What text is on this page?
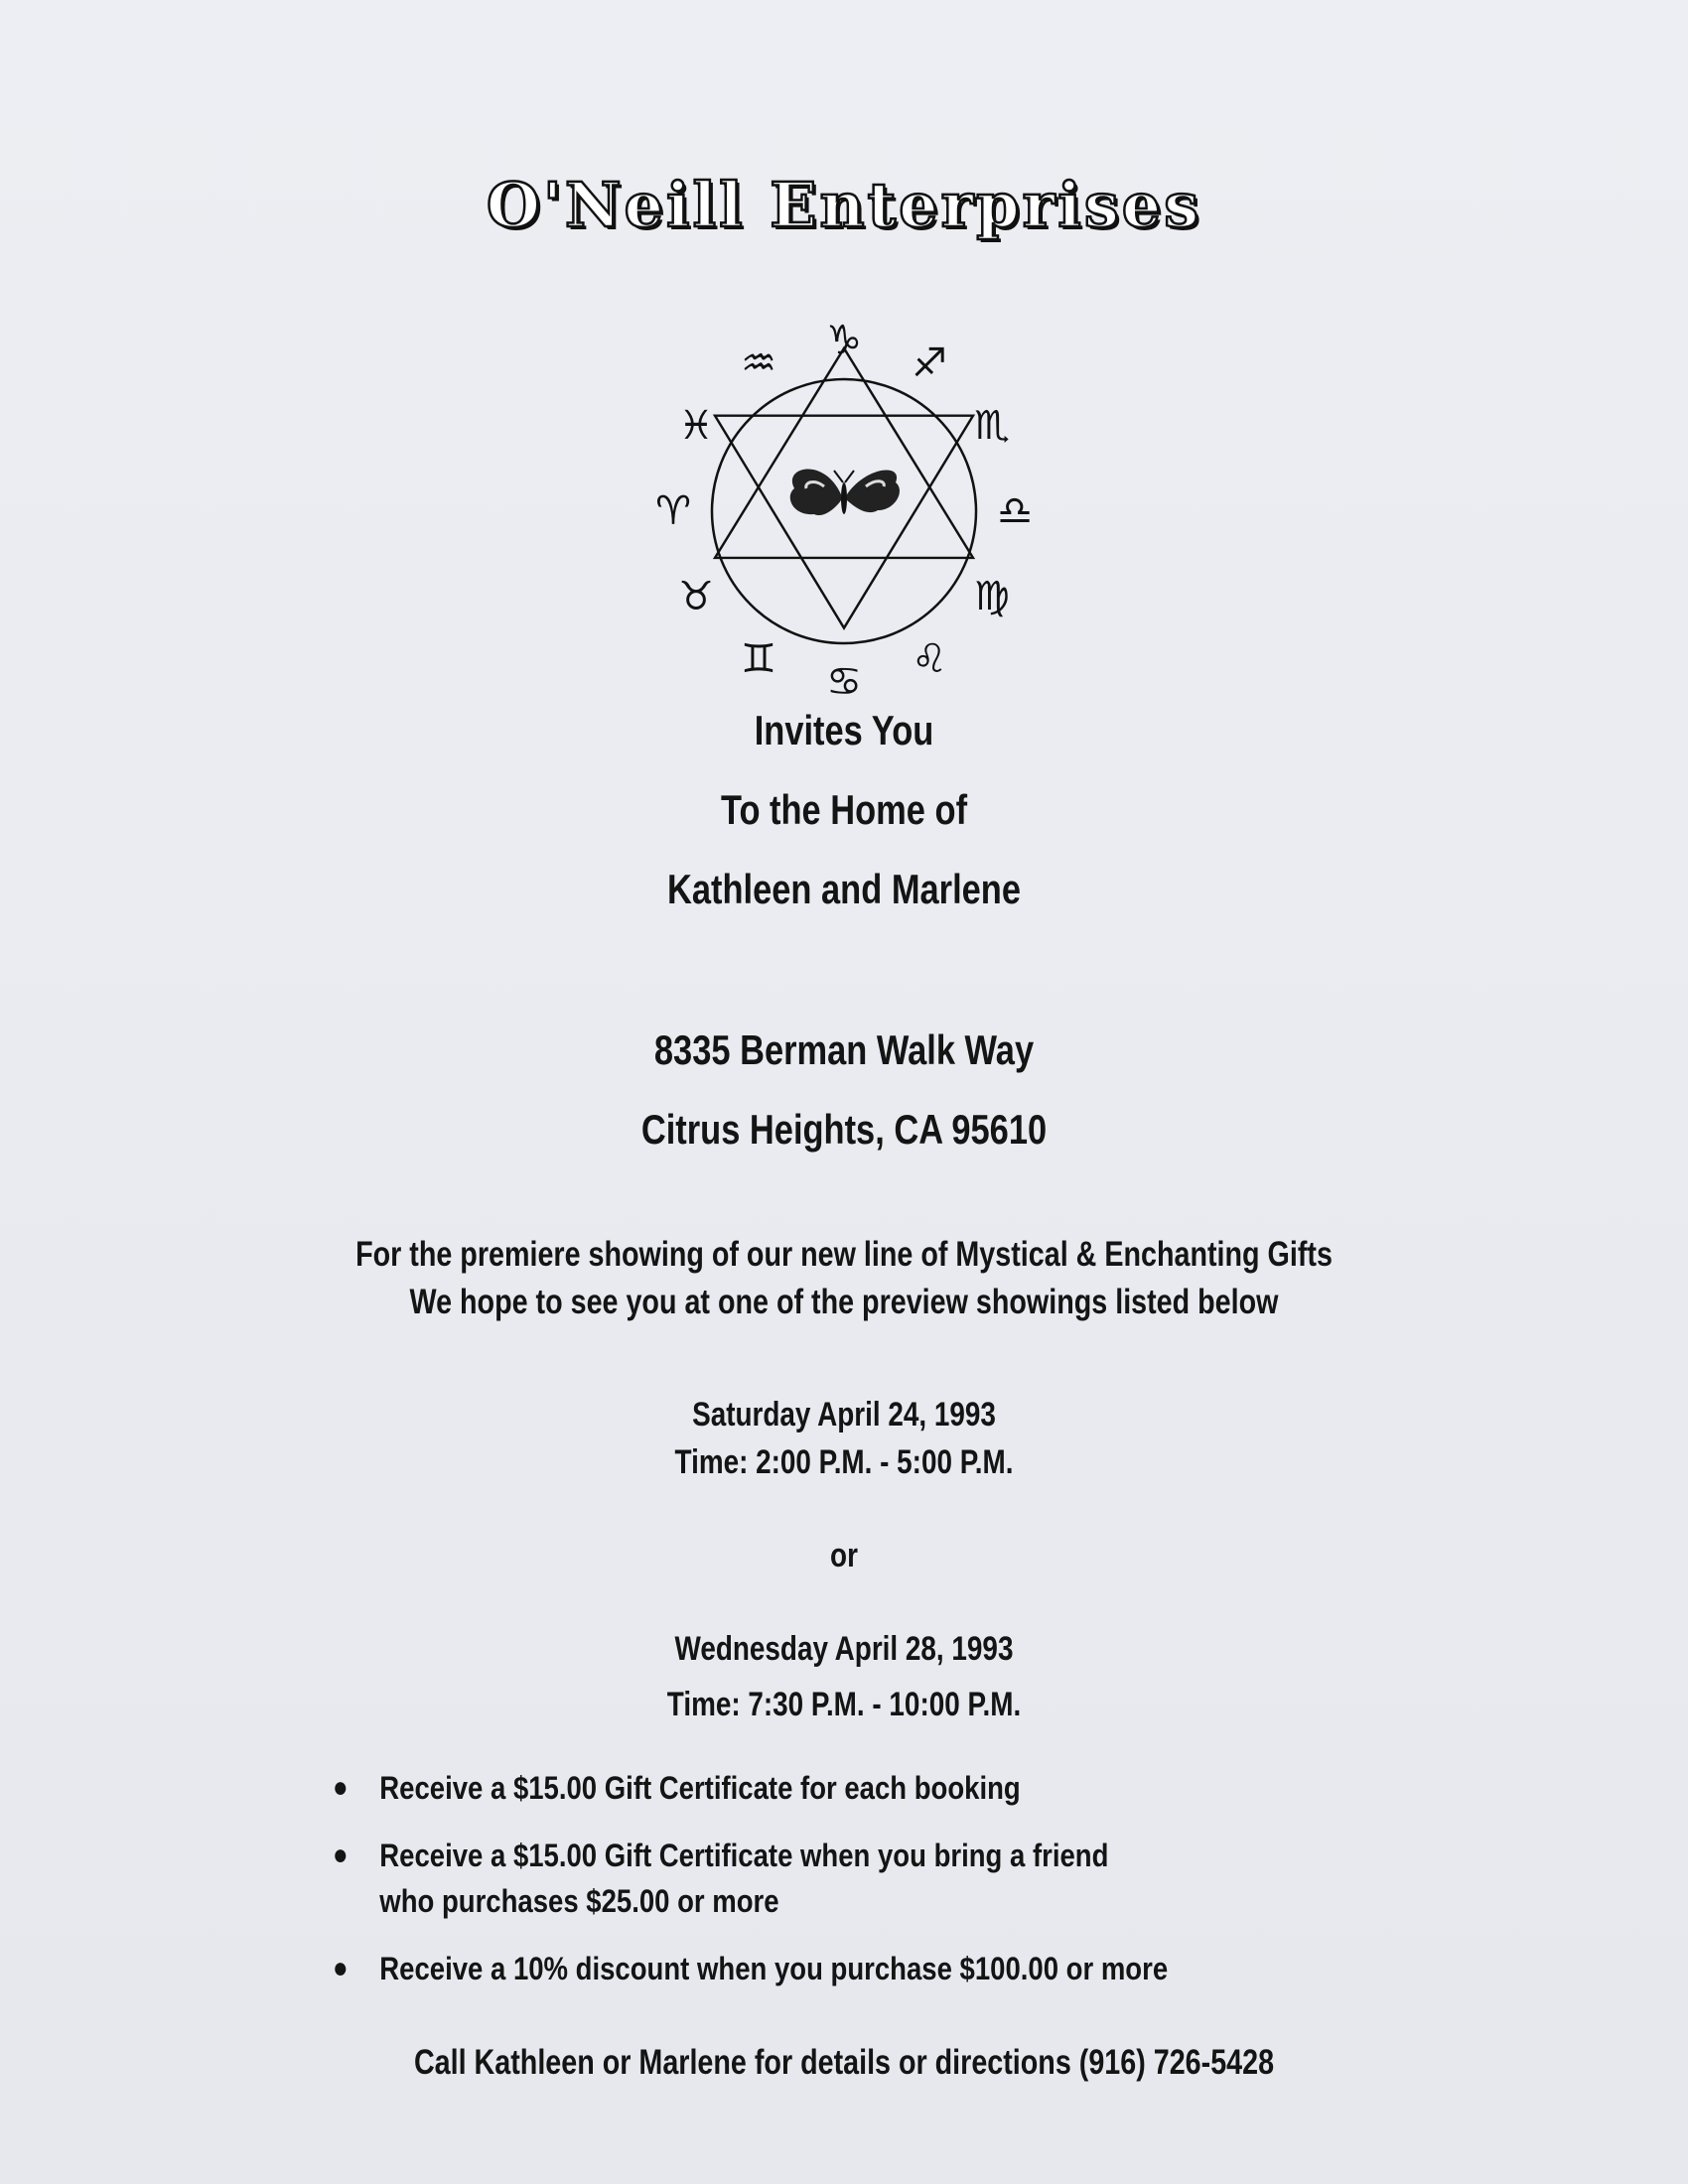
O'Neill Enterprises
♑
♐
♏
♎
♍
♌
♋
♊
♉
♈
♓
♒
Invites You
To the Home of
Kathleen and Marlene
8335 Berman Walk Way
Citrus Heights, CA 95610
For the premiere showing of our new line of Mystical & Enchanting Gifts
We hope to see you at one of the preview showings listed below
Saturday April 24, 1993
Time: 2:00 P.M. - 5:00 P.M.
or
Wednesday April 28, 1993
Time: 7:30 P.M. - 10:00 P.M.
● Receive a $15.00 Gift Certificate for each booking
● Receive a $15.00 Gift Certificate when you bring a friend
who purchases $25.00 or more
● Receive a 10% discount when you purchase $100.00 or more
Call Kathleen or Marlene for details or directions (916) 726-5428
